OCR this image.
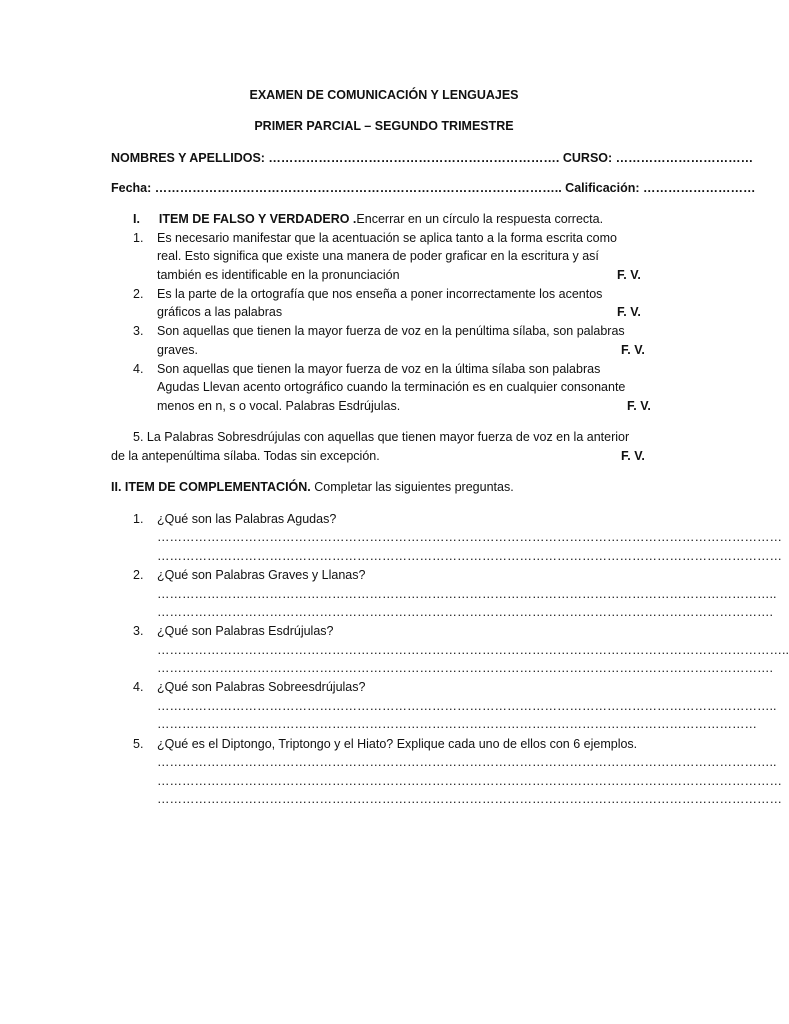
EXAMEN DE COMUNICACIÓN Y LENGUAJES
PRIMER PARCIAL – SEGUNDO TRIMESTRE
NOMBRES Y APELLIDOS: ……………………………………………………………. CURSO: ……………………………
Fecha: …………………………………………………………………………………….. Calificación: ………………………
I. ITEM DE FALSO Y VERDADERO .Encerrar en un círculo la respuesta correcta.
1. Es necesario manifestar que la acentuación se aplica tanto a la forma escrita como
real. Esto significa que existe una manera de poder graficar en la escritura y así
también es identificable en la pronunciación	F. V.
2. Es la parte de la ortografía que nos enseña a poner incorrectamente los acentos
gráficos a las palabras	F. V.
3. Son aquellas que tienen la mayor fuerza de voz en la penúltima sílaba, son palabras
graves.	F. V.
4. Son aquellas que tienen la mayor fuerza de voz en la última sílaba son palabras
Agudas Llevan acento ortográfico cuando la terminación es en cualquier consonante
menos en n, s o vocal. Palabras Esdrújulas.	F. V.
5. La Palabras Sobresdrújulas con aquellas que tienen mayor fuerza de voz en la anterior
de la antepenúltima sílaba. Todas sin excepción.	F. V.
II. ITEM DE COMPLEMENTACIÓN. Completar las siguientes preguntas.
1. ¿Qué son las Palabras Agudas?
……………………………………………………………………………………………………………………………………
……………………………………………………………………………………………………………………………………
2. ¿Qué son Palabras Graves y Llanas?
…………………………………………………………………………………………………………………………………..
………………………………………………………………………………………………………………………………….
3. ¿Qué son Palabras Esdrújulas?
……………………………………………………………………………………………………………………………………..
………………………………………………………………………………………………………………………………….
4. ¿Qué son Palabras Sobreesdrújulas?
…………………………………………………………………………………………………………………………………..
………………………………………………………………………………………………………………………………
5. ¿Qué es el Diptongo, Triptongo y el Hiato? Explique cada uno de ellos con 6 ejemplos.
…………………………………………………………………………………………………………………………………..
……………………………………………………………………………………………………………………………………
……………………………………………………………………………………………………………………………………
